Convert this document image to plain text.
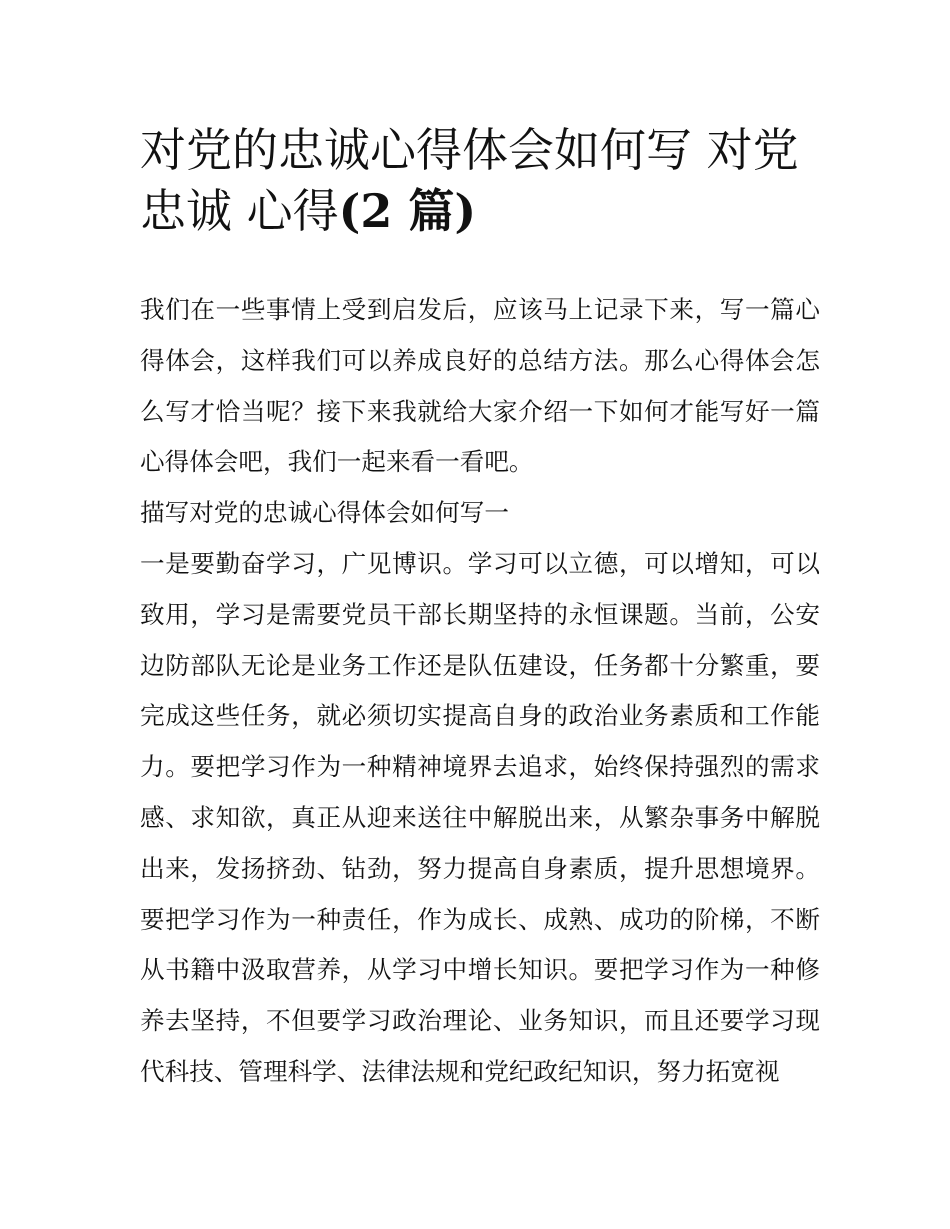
对党的忠诚心得体会如何写 对党忠诚 心得(2 篇)

我们在一些事情上受到启发后，应该马上记录下来，写一篇心得体会，这样我们可以养成良好的总结方法。那么心得体会怎么写才恰当呢？接下来我就给大家介绍一下如何才能写好一篇心得体会吧，我们一起来看一看吧。

描写对党的忠诚心得体会如何写一

一是要勤奋学习，广见博识。学习可以立德，可以增知，可以致用，学习是需要党员干部长期坚持的永恒课题。当前，公安边防部队无论是业务工作还是队伍建设，任务都十分繁重，要完成这些任务，就必须切实提高自身的政治业务素质和工作能力。要把学习作为一种精神境界去追求，始终保持强烈的需求感、求知欲，真正从迎来送往中解脱出来，从繁杂事务中解脱出来，发扬挤劲、钻劲，努力提高自身素质，提升思想境界。要把学习作为一种责任，作为成长、成熟、成功的阶梯，不断从书籍中汲取营养，从学习中增长知识。要把学习作为一种修养去坚持，不但要学习政治理论、业务知识，而且还要学习现代科技、管理科学、法律法规和党纪政纪知识，努力拓宽视
